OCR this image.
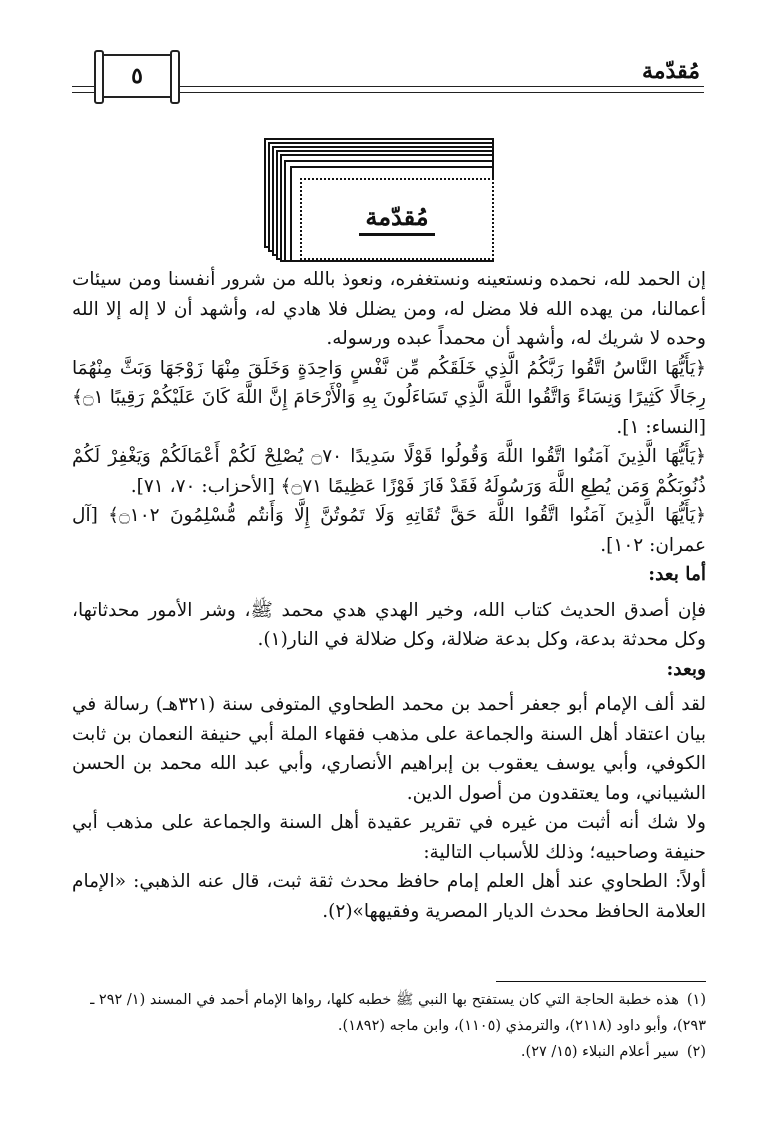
مُقدّمة
٥
مُقدّمة

إن الحمد لله، نحمده ونستعينه ونستغفره، ونعوذ بالله من شرور أنفسنا ومن سيئات أعمالنا، من يهده الله فلا مضل له، ومن يضلل فلا هادي له، وأشهد أن لا إله إلا الله وحده لا شريك له، وأشهد أن محمداً عبده ورسوله.

﴿يَأَيُّهَا النَّاسُ اتَّقُوا رَبَّكُمُ الَّذِي خَلَقَكُم مِّن نَّفْسٍ وَاحِدَةٍ وَخَلَقَ مِنْهَا زَوْجَهَا وَبَثَّ مِنْهُمَا رِجَالًا كَثِيرًا وَنِسَاءً وَاتَّقُوا اللَّهَ الَّذِي تَسَاءَلُونَ بِهِ وَالْأَرْحَامَ إِنَّ اللَّهَ كَانَ عَلَيْكُمْ رَقِيبًا ۝١﴾ [النساء: ١].

﴿يَأَيُّهَا الَّذِينَ آمَنُوا اتَّقُوا اللَّهَ وَقُولُوا قَوْلًا سَدِيدًا ۝٧٠ يُصْلِحْ لَكُمْ أَعْمَالَكُمْ وَيَغْفِرْ لَكُمْ ذُنُوبَكُمْ وَمَن يُطِعِ اللَّهَ وَرَسُولَهُ فَقَدْ فَازَ فَوْزًا عَظِيمًا ۝٧١﴾ [الأحزاب: ٧٠، ٧١].

﴿يَأَيُّهَا الَّذِينَ آمَنُوا اتَّقُوا اللَّهَ حَقَّ تُقَاتِهِ وَلَا تَمُوتُنَّ إِلَّا وَأَنتُم مُّسْلِمُونَ ۝١٠٢﴾ [آل عمران: ١٠٢].

أما بعد:

فإن أصدق الحديث كتاب الله، وخير الهدي هدي محمد ﷺ، وشر الأمور محدثاتها، وكل محدثة بدعة، وكل بدعة ضلالة، وكل ضلالة في النار(١).

وبعد:

لقد ألف الإمام أبو جعفر أحمد بن محمد الطحاوي المتوفى سنة (٣٢١هـ) رسالة في بيان اعتقاد أهل السنة والجماعة على مذهب فقهاء الملة أبي حنيفة النعمان بن ثابت الكوفي، وأبي يوسف يعقوب بن إبراهيم الأنصاري، وأبي عبد الله محمد بن الحسن الشيباني، وما يعتقدون من أصول الدين.

ولا شك أنه أثبت من غيره في تقرير عقيدة أهل السنة والجماعة على مذهب أبي حنيفة وصاحبيه؛ وذلك للأسباب التالية:

أولاً: الطحاوي عند أهل العلم إمام حافظ محدث ثقة ثبت، قال عنه الذهبي: «الإمام العلامة الحافظ محدث الديار المصرية وفقيهها»(٢).

(١)هذه خطبة الحاجة التي كان يستفتح بها النبي ﷺ خطبه كلها، رواها الإمام أحمد في المسند (١/ ٢٩٢ ـ ٢٩٣)، وأبو داود (٢١١٨)، والترمذي (١١٠٥)، وابن ماجه (١٨٩٢).

(٢)سير أعلام النبلاء (١٥/ ٢٧).
